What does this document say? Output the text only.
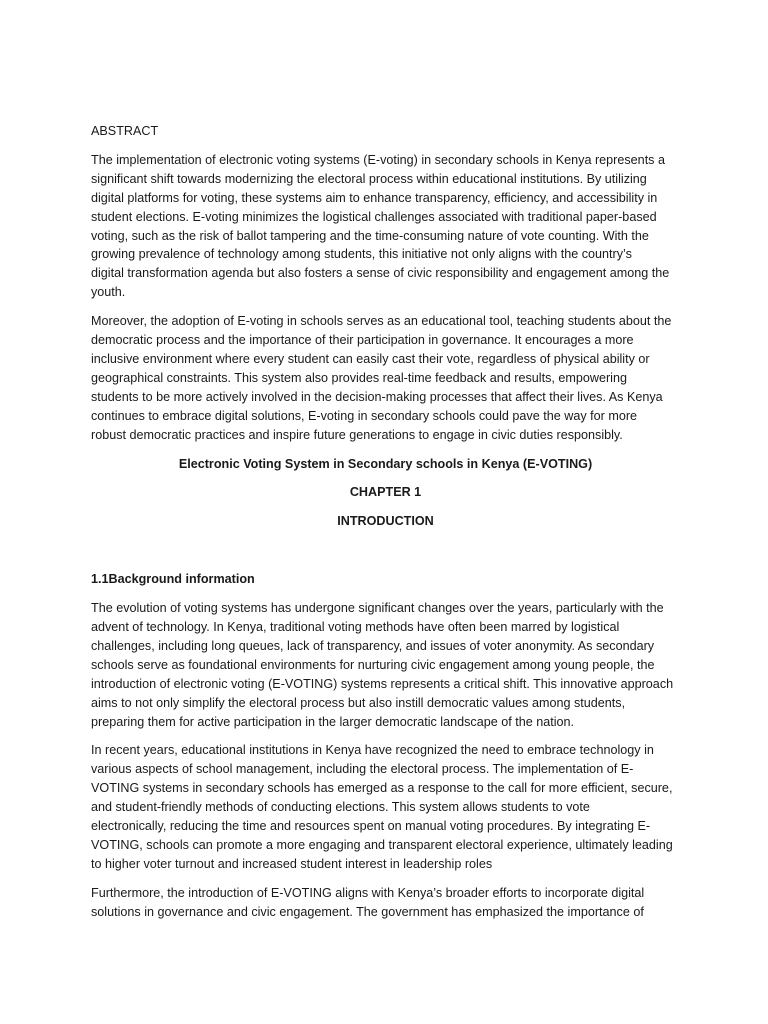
ABSTRACT
The implementation of electronic voting systems (E-voting) in secondary schools in Kenya represents a
significant shift towards modernizing the electoral process within educational institutions. By utilizing
digital platforms for voting, these systems aim to enhance transparency, efficiency, and accessibility in
student elections. E-voting minimizes the logistical challenges associated with traditional paper-based
voting, such as the risk of ballot tampering and the time-consuming nature of vote counting. With the
growing prevalence of technology among students, this initiative not only aligns with the country’s
digital transformation agenda but also fosters a sense of civic responsibility and engagement among the
youth.
Moreover, the adoption of E-voting in schools serves as an educational tool, teaching students about the
democratic process and the importance of their participation in governance. It encourages a more
inclusive environment where every student can easily cast their vote, regardless of physical ability or
geographical constraints. This system also provides real-time feedback and results, empowering
students to be more actively involved in the decision-making processes that affect their lives. As Kenya
continues to embrace digital solutions, E-voting in secondary schools could pave the way for more
robust democratic practices and inspire future generations to engage in civic duties responsibly.
Electronic Voting System in Secondary schools in Kenya (E-VOTING)
CHAPTER 1
INTRODUCTION
1.1Background information
The evolution of voting systems has undergone significant changes over the years, particularly with the
advent of technology. In Kenya, traditional voting methods have often been marred by logistical
challenges, including long queues, lack of transparency, and issues of voter anonymity. As secondary
schools serve as foundational environments for nurturing civic engagement among young people, the
introduction of electronic voting (E-VOTING) systems represents a critical shift. This innovative approach
aims to not only simplify the electoral process but also instill democratic values among students,
preparing them for active participation in the larger democratic landscape of the nation.
In recent years, educational institutions in Kenya have recognized the need to embrace technology in
various aspects of school management, including the electoral process. The implementation of E-
VOTING systems in secondary schools has emerged as a response to the call for more efficient, secure,
and student-friendly methods of conducting elections. This system allows students to vote
electronically, reducing the time and resources spent on manual voting procedures. By integrating E-
VOTING, schools can promote a more engaging and transparent electoral experience, ultimately leading
to higher voter turnout and increased student interest in leadership roles
Furthermore, the introduction of E-VOTING aligns with Kenya’s broader efforts to incorporate digital
solutions in governance and civic engagement. The government has emphasized the importance of
